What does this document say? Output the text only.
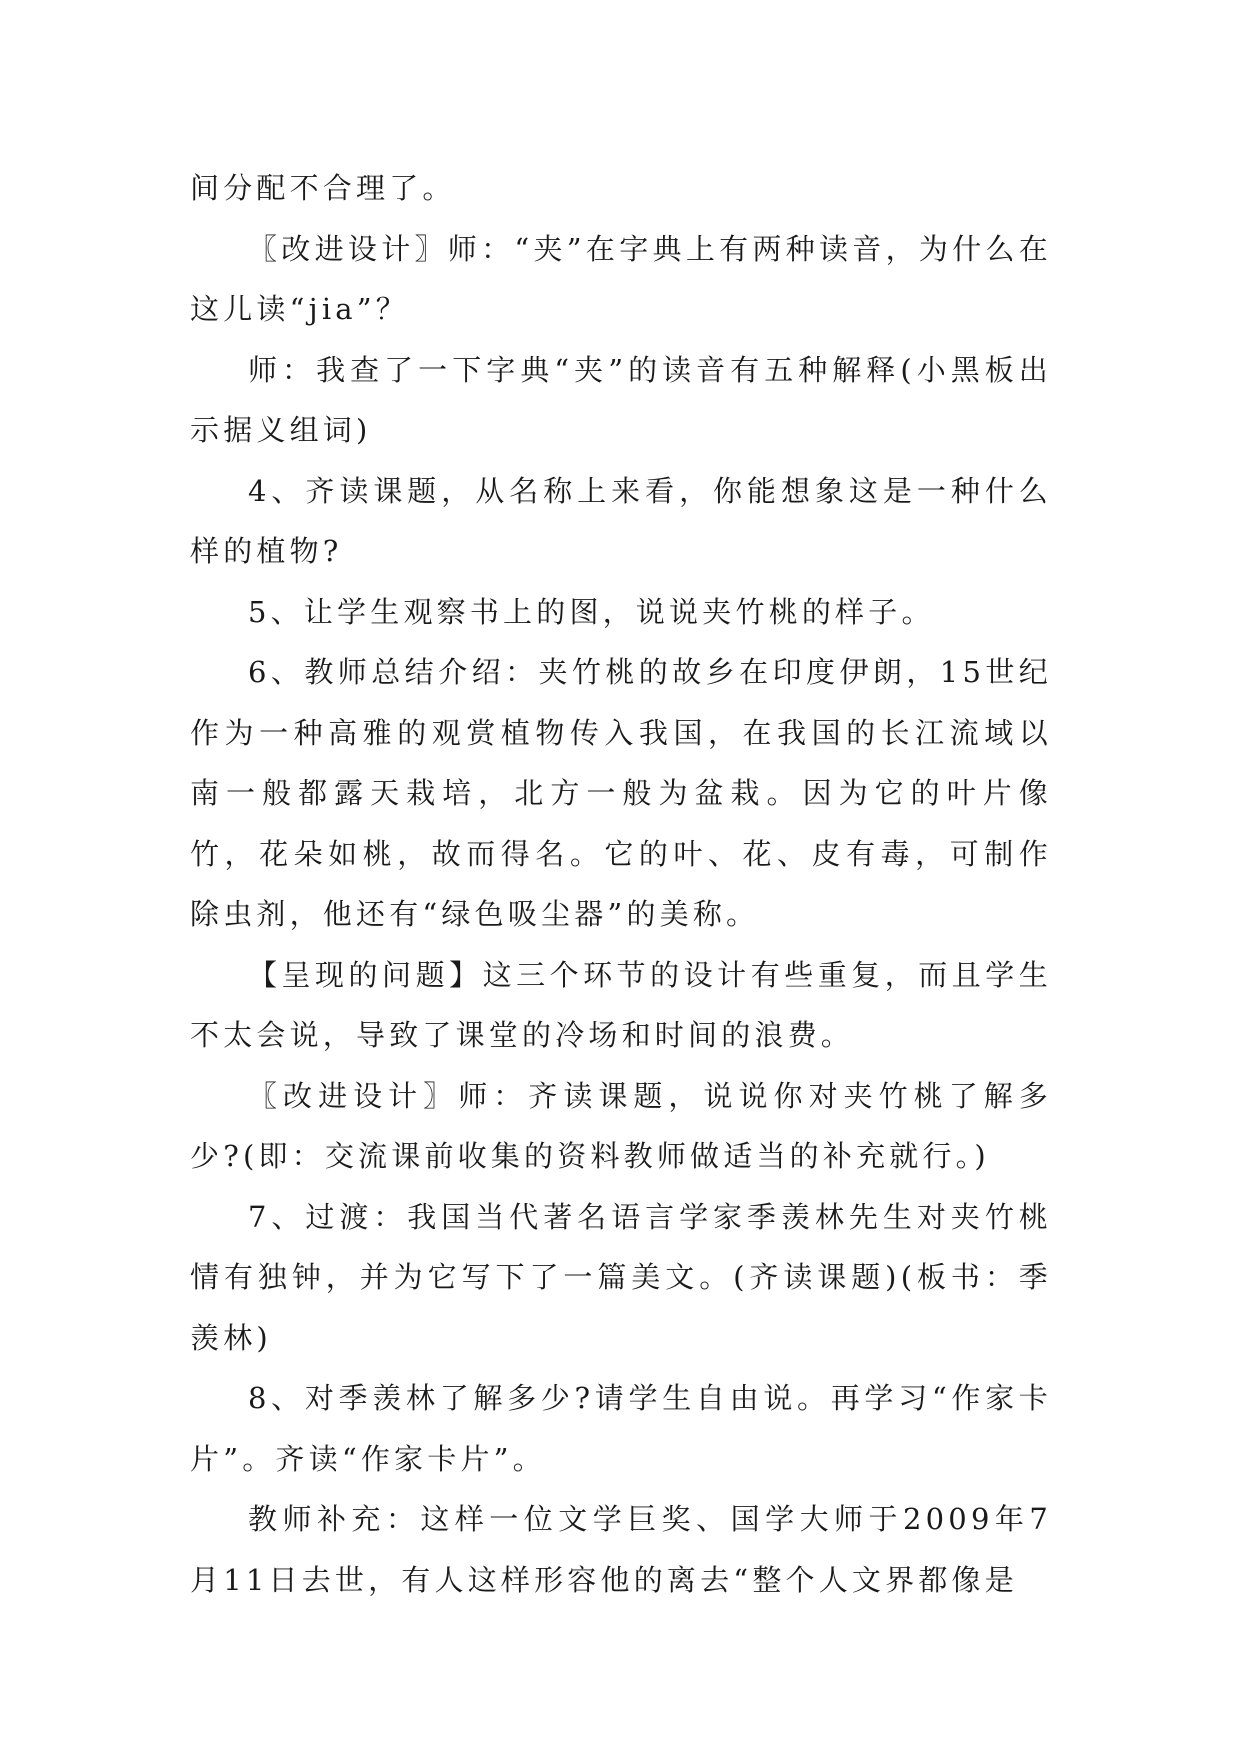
间分配不合理了。

〖改进设计〗师：“夹”在字典上有两种读音，为什么在这儿读“jia”？

师：我查了一下字典“夹”的读音有五种解释(小黑板出示据义组词)

4、齐读课题，从名称上来看，你能想象这是一种什么样的植物?

5、让学生观察书上的图，说说夹竹桃的样子。

6、教师总结介绍：夹竹桃的故乡在印度伊朗，15世纪作为一种高雅的观赏植物传入我国，在我国的长江流域以南一般都露天栽培，北方一般为盆栽。因为它的叶片像竹，花朵如桃，故而得名。它的叶、花、皮有毒，可制作除虫剂，他还有“绿色吸尘器”的美称。

【呈现的问题】这三个环节的设计有些重复，而且学生不太会说，导致了课堂的冷场和时间的浪费。

〖改进设计〗师：齐读课题，说说你对夹竹桃了解多少?(即：交流课前收集的资料教师做适当的补充就行。)

7、过渡：我国当代著名语言学家季羡林先生对夹竹桃情有独钟，并为它写下了一篇美文。(齐读课题)(板书：季羡林)

8、对季羡林了解多少?请学生自由说。再学习“作家卡片”。齐读“作家卡片”。

教师补充：这样一位文学巨奖、国学大师于2009年7月11日去世，有人这样形容他的离去“整个人文界都像是
